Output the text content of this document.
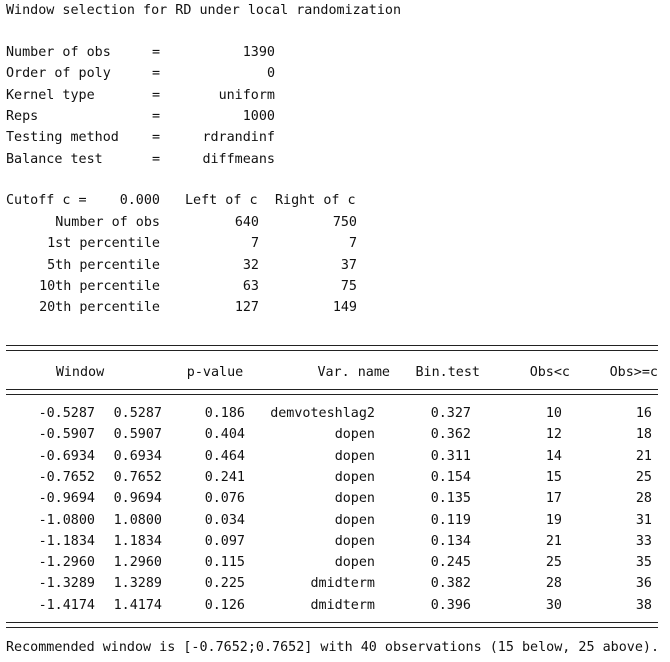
Window selection for RD under local randomization
Number of obs	=	1390
Order of poly	=	0
Kernel type	=	uniform
Reps	=	1000
Testing method =	rdrandinf
Balance test	=	diffmeans
Cutoff c =	0.000 Left of c Right of c
Number of obs	640	750
1st percentile	7	7
5th percentile	32	37
10th percentile	63	75
20th percentile	127	149
Window	p-value	Var. name	Bin.test	Obs<c	Obs>=c
-0.5287	0.5287	0.186	demvoteshlag2	0.327	10	16
-0.5907	0.5907	0.404	dopen	0.362	12	18
-0.6934	0.6934	0.464	dopen	0.311	14	21
-0.7652	0.7652	0.241	dopen	0.154	15	25
-0.9694	0.9694	0.076	dopen	0.135	17	28
-1.0800	1.0800	0.034	dopen	0.119	19	31
-1.1834	1.1834	0.097	dopen	0.134	21	33
-1.2960	1.2960	0.115	dopen	0.245	25	35
-1.3289	1.3289	0.225	dmidterm	0.382	28	36
-1.4174	1.4174	0.126	dmidterm	0.396	30	38
Recommended window is [-0.7652;0.7652] with 40 observations (15 below, 25 above).
